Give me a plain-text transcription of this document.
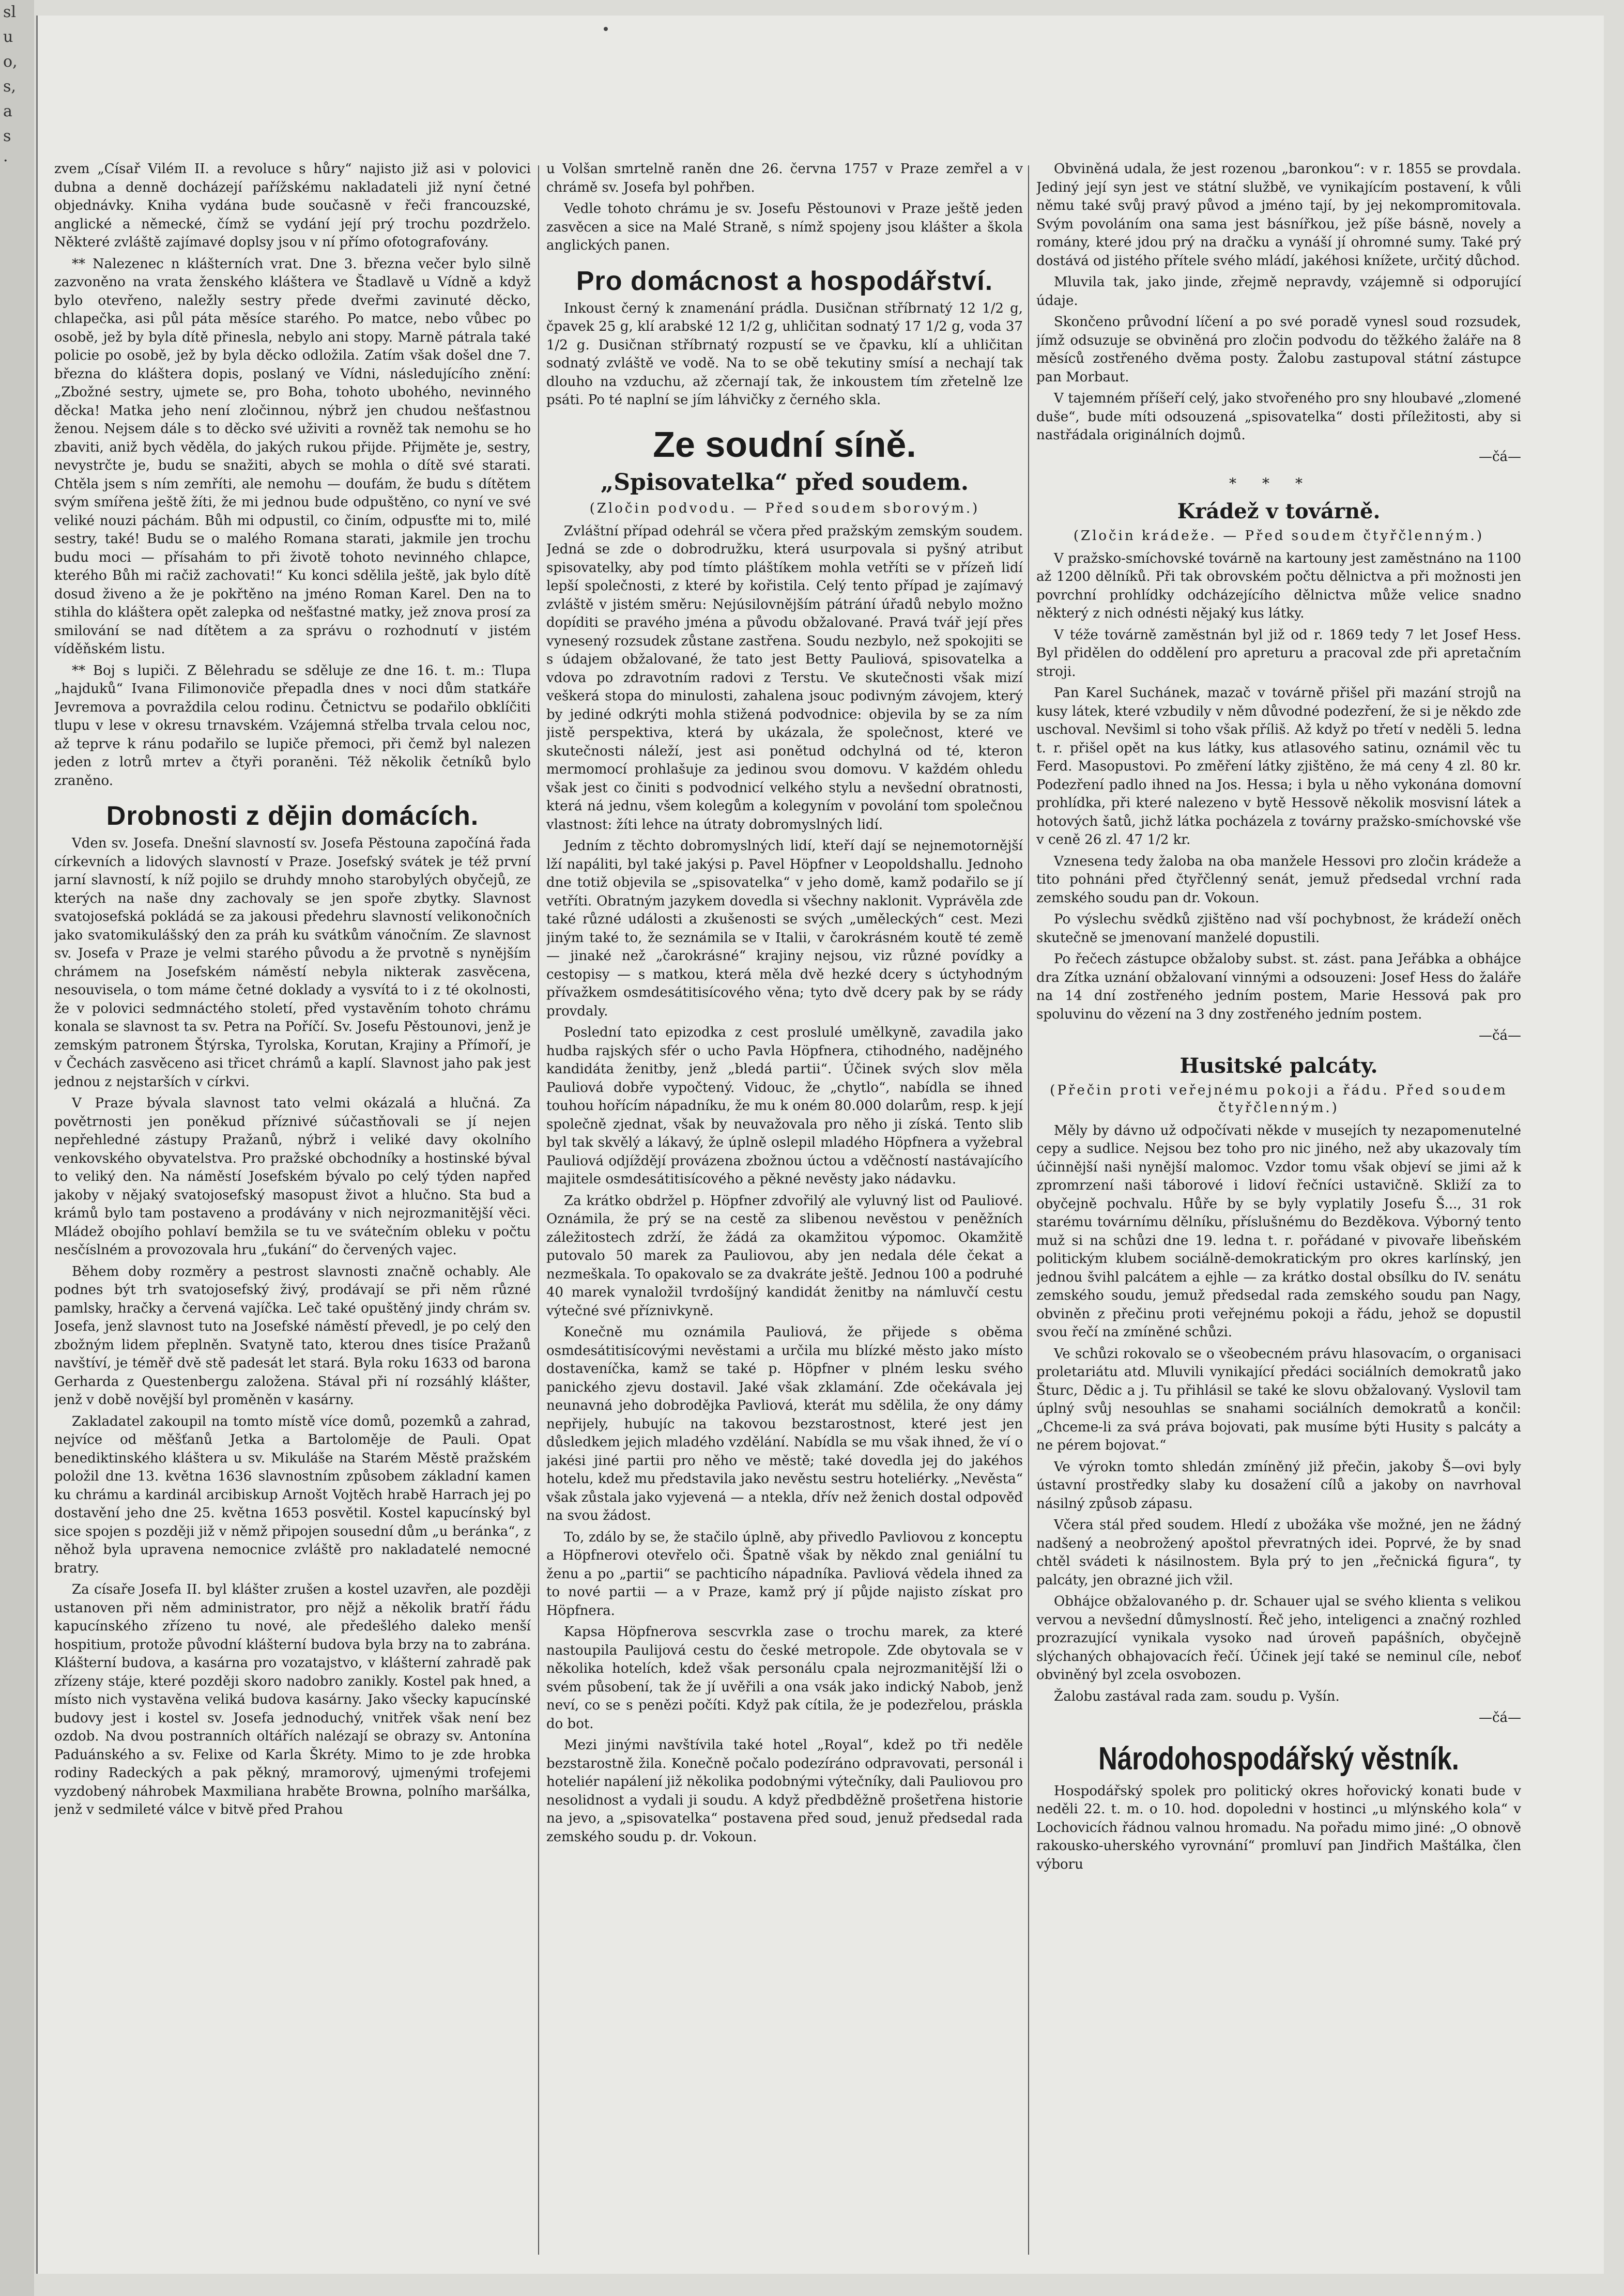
sl
u
o,
s,
a
s
·	zvem „Císař Vilém II. a revoluce s hůry“ najisto již asi v polovici dubna a denně docházejí pařížskému nakladateli již nyní četné objednávky. Kniha vydána bude současně v řeči francouzské, anglické a německé, čímž se vydání její prý trochu pozdrželo. Některé zvláště zajímavé doplsy jsou v ní přímo ofotografovány.

** Nalezenec n klášterních vrat. Dne 3. března večer bylo silně zazvoněno na vrata ženského kláštera ve Štadlavě u Vídně a když bylo otevřeno, naležly sestry přede dveřmi zavinuté děcko, chlapečka, asi půl páta měsíce starého. Po matce, nebo vůbec po osobě, jež by byla dítě přinesla, nebylo ani stopy. Marně pátrala také policie po osobě, jež by byla děcko odložila. Zatím však došel dne 7. března do kláštera dopis, poslaný ve Vídni, následujícího znění: „Zbožné sestry, ujmete se, pro Boha, tohoto ubohého, nevinného děcka! Matka jeho není zločinnou, nýbrž jen chudou nešťastnou ženou. Nejsem dále s to děcko své uživiti a rovněž tak nemohu se ho zbaviti, aniž bych věděla, do jakých rukou přijde. Přijměte je, sestry, nevystrčte je, budu se snažiti, abych se mohla o dítě své starati. Chtěla jsem s ním zemříti, ale nemohu — doufám, že budu s dítětem svým smířena ještě žíti, že mi jednou bude odpuštěno, co nyní ve své veliké nouzi páchám. Bůh mi odpustil, co činím, odpusťte mi to, milé sestry, také! Budu se o malého Romana starati, jakmile jen trochu budu moci — přísahám to při životě tohoto nevinného chlapce, kterého Bůh mi račiž zachovati!“ Ku konci sdělila ještě, jak bylo dítě dosud živeno a že je pokřtěno na jméno Roman Karel. Den na to stihla do kláštera opět zalepka od nešťastné matky, jež znova prosí za smilování se nad dítětem a za správu o rozhodnutí v jistém víděňském listu.

** Boj s lupiči. Z Bělehradu se sděluje ze dne 16. t. m.: Tlupa „hajduků“ Ivana Filimonoviče přepadla dnes v noci dům statkáře Jevremova a povraždila celou rodinu. Četnictvu se podařilo obklíčiti tlupu v lese v okresu trnavském. Vzájemná střelba trvala celou noc, až teprve k ránu podařilo se lupiče přemoci, při čemž byl nalezen jeden z lotrů mrtev a čtyři poraněni. Též několik četníků bylo zraněno.

Drobnosti z dějin domácích.

Vden sv. Josefa. Dnešní slavností sv. Josefa Pěstouna započíná řada církevních a lidových slavností v Praze. Josefský svátek je též první jarní slavností, k níž pojilo se druhdy mnoho starobylých obyčejů, ze kterých na naše dny zachovaly se jen spoře zbytky. Slavnost svatojosefská pokládá se za jakousi předehru slavností velikonočních jako svatomikulášský den za práh ku svátkům vánočním. Ze slavnost sv. Josefa v Praze je velmi starého původu a že prvotně s nynějším chrámem na Josefském náměstí nebyla nikterak zasvěcena, nesouvisela, o tom máme četné doklady a vysvítá to i z té okolnosti, že v polovici sedmnáctého století, před vystavěním tohoto chrámu konala se slavnost ta sv. Petra na Poříčí. Sv. Josefu Pěstounovi, jenž je zemským patronem Štýrska, Tyrolska, Korutan, Krajiny a Přímoří, je v Čechách zasvěceno asi třicet chrámů a kaplí. Slavnost jaho pak jest jednou z nejstarších v církvi.

V Praze bývala slavnost tato velmi okázalá a hlučná. Za povětrnosti jen poněkud příznivé súčastňovali se jí nejen nepřehledné zástupy Pražanů, nýbrž i veliké davy okolního venkovského obyvatelstva. Pro pražské obchodníky a hostinské býval to veliký den. Na náměstí Josefském bývalo po celý týden napřed jakoby v nějaký svatojosefský masopust život a hlučno. Sta bud a krámů bylo tam postaveno a prodávány v nich nejrozmanitější věci. Mládež obojího pohlaví bemžila se tu ve svátečním obleku v počtu nesčíslném a provozovala hru „ťukání“ do červených vajec.

Během doby rozměry a pestrost slavnosti značně ochably. Ale podnes být trh svatojosefský živý, prodávají se při něm různé pamlsky, hračky a červená vajíčka. Leč také opuštěný jindy chrám sv. Josefa, jenž slavnost tuto na Josefské náměstí převedl, je po celý den zbožným lidem přeplněn. Svatyně tato, kterou dnes tisíce Pražanů navštíví, je téměř dvě stě padesát let stará. Byla roku 1633 od barona Gerharda z Questenbergu založena. Stával při ní rozsáhlý klášter, jenž v době novější byl proměněn v kasárny.

Zakladatel zakoupil na tomto místě více domů, pozemků a zahrad, nejvíce od měšťanů Jetka a Bartoloměje de Pauli. Opat benediktinského kláštera u sv. Mikuláše na Starém Městě pražském položil dne 13. května 1636 slavnostním způsobem základní kamen ku chrámu a kardinál arcibiskup Arnošt Vojtěch hrabě Harrach jej po dostavění jeho dne 25. května 1653 posvětil. Kostel kapucínský byl sice spojen s později již v němž připojen sousední dům „u beránka“, z něhož byla upravena nemocnice zvláště pro nakladatelé nemocné bratry.

Za císaře Josefa II. byl klášter zrušen a kostel uzavřen, ale později ustanoven při něm administrator, pro nějž a několik bratří řádu kapucínského zřízeno tu nové, ale předešlého daleko menší hospitium, protože původní klášterní budova byla brzy na to zabrána. Klášterní budova, a kasárna pro vozatajstvo, v klášterní zahradě pak zřízeny stáje, které později skoro nadobro zanikly. Kostel pak hned, a místo nich vystavěna veliká budova kasárny. Jako všecky kapucínské budovy jest i kostel sv. Josefa jednoduchý, vnitřek však není bez ozdob. Na dvou postranních oltářích nalézají se obrazy sv. Antonína Paduánského a sv. Felixe od Karla Škréty. Mimo to je zde hrobka rodiny Radeckých a pak pěkný, mramorový, ujmenými trofejemi vyzdobený náhrobek Maxmiliana hraběte Browna, polního maršálka, jenž v sedmileté válce v bitvě před Prahou

u Volšan smrtelně raněn dne 26. června 1757 v Praze zemřel a v chrámě sv. Josefa byl pohřben.

Vedle tohoto chrámu je sv. Josefu Pěstounovi v Praze ještě jeden zasvěcen a sice na Malé Straně, s nímž spojeny jsou klášter a škola anglických panen.

Pro domácnost a hospodářství.

Inkoust černý k znamenání prádla. Dusičnan stříbrnatý 12 1/2 g, čpavek 25 g, klí arabské 12 1/2 g, uhličitan sodnatý 17 1/2 g, voda 37 1/2 g. Dusičnan stříbrnatý rozpustí se ve čpavku, klí a uhličitan sodnatý zvláště ve vodě. Na to se obě tekutiny smísí a nechají tak dlouho na vzduchu, až zčernají tak, že inkoustem tím zřetelně lze psáti. Po té naplní se jím láhvičky z černého skla.

Ze soudní síně.
„Spisovatelka“ před soudem.

(Zločin podvodu. — Před soudem sborovým.)

Zvláštní případ odehrál se včera před pražským zemským soudem. Jedná se zde o dobrodružku, která usurpovala si pyšný atribut spisovatelky, aby pod tímto pláštíkem mohla vetříti se v přízeň lidí lepší společnosti, z které by kořistila. Celý tento případ je zajímavý zvláště v jistém směru: Nejúsilovnějším pátrání úřadů nebylo možno dopíditi se pravého jména a původu obžalované. Pravá tvář její přes vynesený rozsudek zůstane zastřena. Soudu nezbylo, než spokojiti se s údajem obžalované, že tato jest Betty Pauliová, spisovatelka a vdova po zdravotním radovi z Terstu. Ve skutečnosti však mizí veškerá stopa do minulosti, zahalena jsouc podivným závojem, který by jediné odkrýti mohla stižená podvodnice: objevila by se za ním jistě perspektiva, která by ukázala, že společnost, které ve skutečnosti náleží, jest asi ponětud odchylná od té, kteron mermomocí prohlašuje za jedinou svou domovu. V každém ohledu však jest co činiti s podvodnicí velkého stylu a nevšední obratnosti, která ná jednu, všem kolegům a kolegyním v povolání tom společnou vlastnost: žíti lehce na útraty dobromyslných lidí.

Jedním z těchto dobromyslných lidí, kteří dají se nejnemotornější lží napáliti, byl také jakýsi p. Pavel Höpfner v Leopoldshallu. Jednoho dne totiž objevila se „spisovatelka“ v jeho domě, kamž podařilo se jí vetříti. Obratným jazykem dovedla si všechny naklonit. Vyprávěla zde také různé události a zkušenosti se svých „uměleckých“ cest. Mezi jiným také to, že seznámila se v Italii, v čarokrásném koutě té země — jinaké než „čarokrásné“ krajiny nejsou, viz různé povídky a cestopisy — s matkou, která měla dvě hezké dcery s úctyhodným přívažkem osmdesátitisícového věna; tyto dvě dcery pak by se rády provdaly.

Poslední tato epizodka z cest proslulé umělkyně, zavadila jako hudba rajských sfér o ucho Pavla Höpfnera, ctihodného, nadějného kandidáta ženitby, jenž „bledá partii“. Účinek svých slov měla Pauliová dobře vypočtený. Vidouc, že „chytlo“, nabídla se ihned touhou hořícím nápadníku, že mu k oném 80.000 dolarům, resp. k její společně zjednat, však by neuvažovala pro něho ji získá. Tento slib byl tak skvělý a lákavý, že úplně oslepil mladého Höpfnera a vyžebral Pauliová odjíždějí provázena zbožnou úctou a vděčností nastávajícího majitele osmdesátitisícového a pěkné nevěsty jako nádavku.

Za krátko obdržel p. Höpfner zdvořilý ale vyluvný list od Pauliové. Oznámila, že prý se na cestě za slibenou nevěstou v peněžních záležitostech zdrží, že žádá za okamžitou výpomoc. Okamžitě putovalo 50 marek za Pauliovou, aby jen nedala déle čekat a nezmeškala. To opakovalo se za dvakráte ještě. Jednou 100 a podruhé 40 marek vynaložil tvrdošíjný kandidát ženitby na námluvčí cestu výtečné své příznivkyně.

Konečně mu oznámila Pauliová, že přijede s oběma osmdesátitisícovými nevěstami a určila mu blízké město jako místo dostaveníčka, kamž se také p. Höpfner v plném lesku svého panického zjevu dostavil. Jaké však zklamání. Zde očekávala jej neunavná jeho dobrodějka Pavliová, kterát mu sdělila, že ony dámy nepřijely, hubujíc na takovou bezstarostnost, které jest jen důsledkem jejich mladého vzdělání. Nabídla se mu však ihned, že ví o jakési jiné partii pro něho ve městě; také dovedla jej do jakéhos hotelu, kdež mu představila jako nevěstu sestru hoteliérky. „Nevěsta“ však zůstala jako vyjevená — a ntekla, dřív než ženich dostal odpověď na svou žádost.

To, zdálo by se, že stačilo úplně, aby přivedlo Pavliovou z konceptu a Höpfnerovi otevřelo oči. Špatně však by někdo znal geniální tu ženu a po „partii“ se pachticího nápadníka. Pavliová vědela ihned za to nové partii — a v Praze, kamž prý jí půjde najisto získat pro Höpfnera.

Kapsa Höpfnerova sescvrkla zase o trochu marek, za které nastoupila Paulijová cestu do české metropole. Zde obytovala se v několika hotelích, kdež však personálu cpala nejrozmanitější lži o svém působení, tak že jí uvěřili a ona vsák jako indický Nabob, jenž neví, co se s penězi počíti. Když pak cítila, že je podezřelou, práskla do bot.

Mezi jinými navštívila také hotel „Royal“, kdež po tři neděle bezstarostně žila. Konečně počalo podezíráno odpravovati, personál i hoteliér napálení již několika podobnými výtečníky, dali Pauliovou pro nesolidnost a vydali ji soudu. A když předbděžně prošetřena historie na jevo, a „spisovatelka“ postavena před soud, jenuž předsedal rada zemského soudu p. dr. Vokoun.

Obviněná udala, že jest rozenou „baronkou“: v r. 1855 se provdala. Jediný její syn jest ve státní službě, ve vynikajícím postavení, k vůli němu také svůj pravý původ a jméno tají, by jej nekompromitovala. Svým povoláním ona sama jest básnířkou, jež píše básně, novely a romány, které jdou prý na dračku a vynáší jí ohromné sumy. Také prý dostává od jistého přítele svého mládí, jakéhosi knížete, určitý důchod.

Mluvila tak, jako jinde, zřejmě nepravdy, vzájemně si odporující údaje.

Skončeno průvodní líčení a po své poradě vynesl soud rozsudek, jímž odsuzuje se obviněná pro zločin podvodu do těžkého žaláře na 8 měsíců zostřeného dvěma posty. Žalobu zastupoval státní zástupce pan Morbaut.

V tajemném příšeří celý, jako stvořeného pro sny hloubavé „zlomené duše“, bude míti odsouzená „spisovatelka“ dosti příležitosti, aby si nastřádala originálních dojmů.

—čá—

***
Krádež v továrně.

(Zločin krádeže. — Před soudem čtyřčlenným.)

V pražsko-smíchovské továrně na kartouny jest zaměstnáno na 1100 až 1200 dělníků. Při tak obrovském počtu dělnictva a při možnosti jen povrchní prohlídky odcházejícího dělnictva může velice snadno některý z nich odnésti nějaký kus látky.

V téže továrně zaměstnán byl již od r. 1869 tedy 7 let Josef Hess. Byl přidělen do oddělení pro apreturu a pracoval zde při apretačním stroji.

Pan Karel Suchánek, mazač v továrně přišel při mazání strojů na kusy látek, které vzbudily v něm důvodné podezření, že si je někdo zde uschoval. Nevšiml si toho však příliš. Až když po třetí v neděli 5. ledna t. r. přišel opět na kus látky, kus atlasového satinu, oznámil věc tu Ferd. Masopustovi. Po změření látky zjištěno, že má ceny 4 zl. 80 kr. Podezření padlo ihned na Jos. Hessa; i byla u něho vykonána domovní prohlídka, při které nalezeno v bytě Hessově několik mosvisní látek a hotových šatů, jichž látka pocházela z továrny pražsko-smíchovské vše v ceně 26 zl. 47 1/2 kr.

Vznesena tedy žaloba na oba manžele Hessovi pro zločin krádeže a tito pohnáni před čtyřčlenný senát, jemuž předsedal vrchní rada zemského soudu pan dr. Vokoun.

Po výslechu svědků zjištěno nad vší pochybnost, že krádeží oněch skutečně se jmenovaní manželé dopustili.

Po řečech zástupce obžaloby subst. st. zást. pana Jeřábka a obhájce dra Zítka uznání obžalovaní vinnými a odsouzeni: Josef Hess do žaláře na 14 dní zostřeného jedním postem, Marie Hessová pak pro spoluvinu do vězení na 3 dny zostřeného jedním postem.

—čá—

Husitské palcáty.

(Přečin proti veřejnému pokoji a řádu. Před soudem čtyřčlenným.)

Měly by dávno už odpočívati někde v musejích ty nezapomenutelné cepy a sudlice. Nejsou bez toho pro nic jiného, než aby ukazovaly tím účinnější naši nynější malomoc. Vzdor tomu však objeví se jimi až k zpromrzení naši táborové i lidoví řečníci ustavičně. Skliží za to obyčejně pochvalu. Hůře by se byly vyplatily Josefu Š..., 31 rok starému továrnímu dělníku, příslušnému do Bezděkova. Výborný tento muž si na schůzi dne 19. ledna t. r. pořádané v pivovaře libeňském politickým klubem sociálně-demokratickým pro okres karlínský, jen jednou švihl palcátem a ejhle — za krátko dostal obsílku do IV. senátu zemského soudu, jemuž předsedal rada zemského soudu pan Nagy, obviněn z přečinu proti veřejnému pokoji a řádu, jehož se dopustil svou řečí na zmíněné schůzi.

Ve schůzi rokovalo se o všeobecném právu hlasovacím, o organisaci proletariátu atd. Mluvili vynikající předáci sociálních demokratů jako Šturc, Dědic a j. Tu přihlásil se také ke slovu obžalovaný. Vyslovil tam úplný svůj nesouhlas se snahami sociálních demokratů a končil: „Chceme-li za svá práva bojovati, pak musíme býti Husity s palcáty a ne pérem bojovat.“

Ve výrokn tomto shledán zmíněný již přečin, jakoby Š—ovi byly ústavní prostředky slaby ku dosažení cílů a jakoby on navrhoval násilný způsob zápasu.

Včera stál před soudem. Hledí z ubožáka vše možné, jen ne žádný nadšený a neobrožený apoštol převratných idei. Poprvé, že by snad chtěl svádeti k násilnostem. Byla prý to jen „řečnická figura“, ty palcáty, jen obrazné jich vžil.

Obhájce obžalovaného p. dr. Schauer ujal se svého klienta s velikou vervou a nevšední důmyslností. Řeč jeho, inteligenci a značný rozhled prozrazující vynikala vysoko nad úroveň papášních, obyčejně slýchaných obhajovacích řečí. Účinek její také se neminul cíle, neboť obviněný byl zcela osvobozen.

Žalobu zastával rada zam. soudu p. Vyšín.

—čá—

Národohospodářský věstník.

Hospodářský spolek pro politický okres hořovický konati bude v neděli 22. t. m. o 10. hod. dopoledni v hostinci „u mlýnského kola“ v Lochovicích řádnou valnou hromadu. Na pořadu mimo jiné: „O obnově rakousko-uherského vyrovnání“ promluví pan Jindřich Maštálka, člen výboru
